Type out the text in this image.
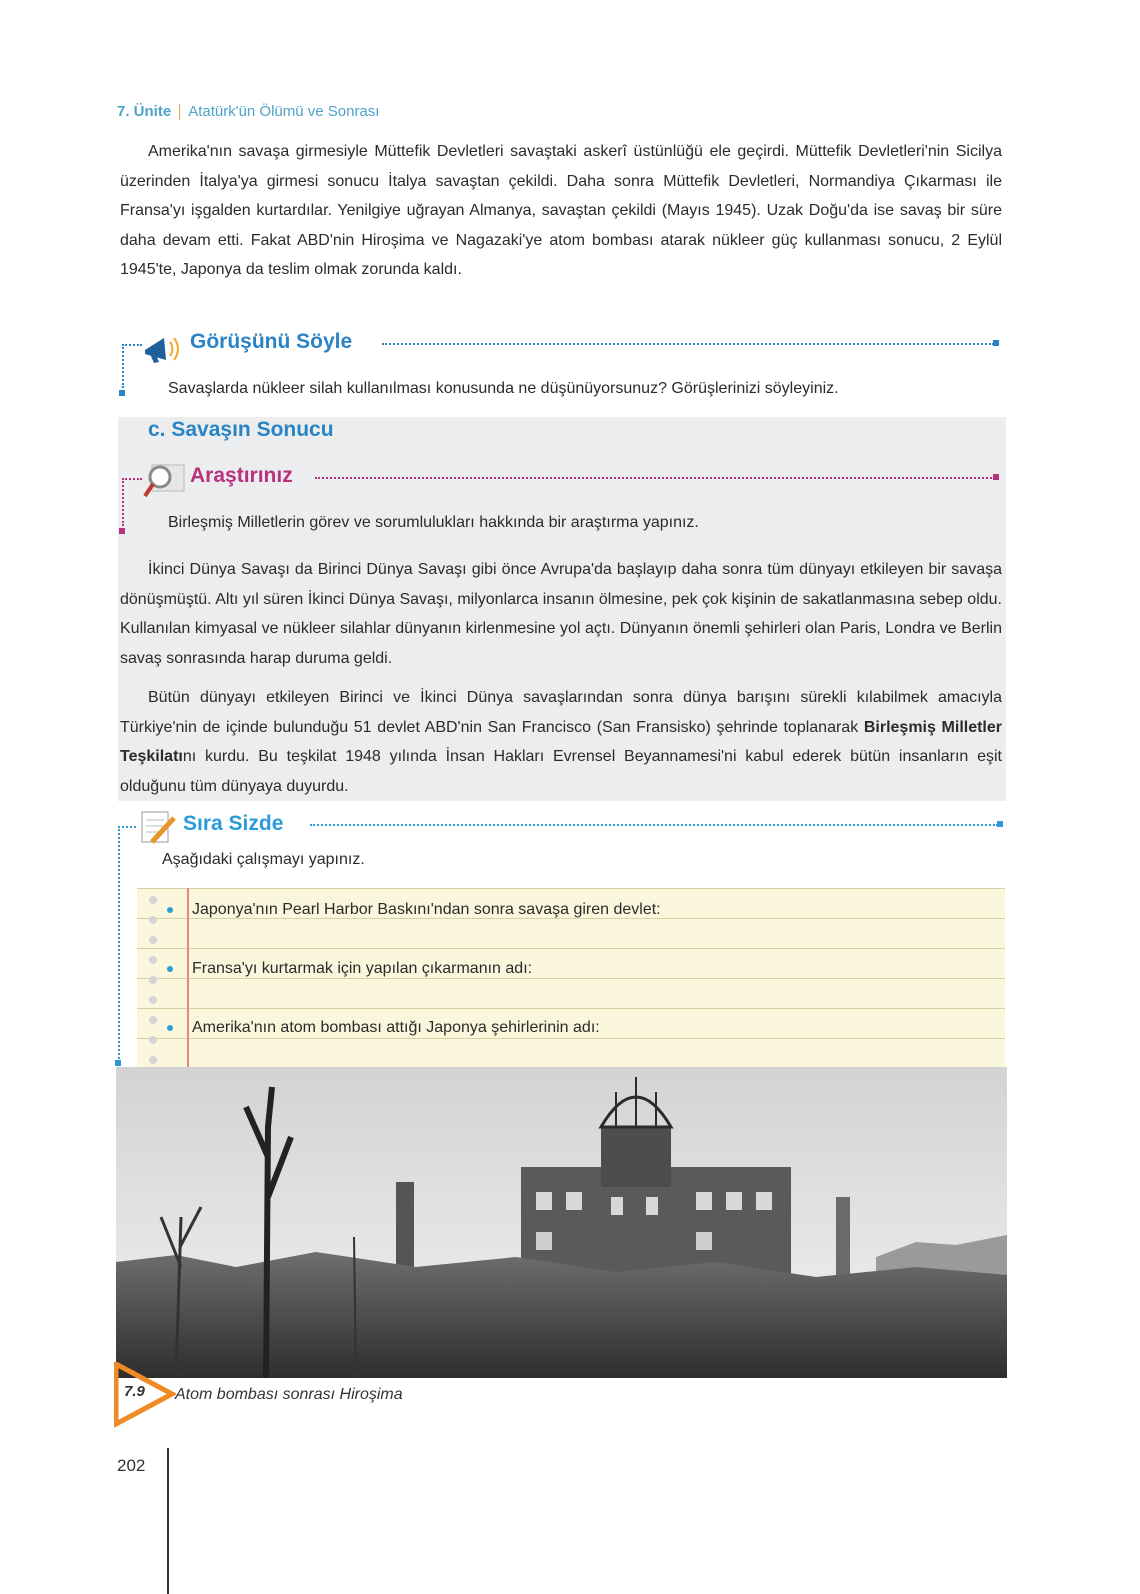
7. Ünite Atatürk'ün Ölümü ve Sonrası

Amerika'nın savaşa girmesiyle Müttefik Devletleri savaştaki askerî üstünlüğü ele geçirdi. Müttefik Devletleri'nin Sicilya üzerinden İtalya'ya girmesi sonucu İtalya savaştan çekildi. Daha sonra Müttefik Devletleri, Normandiya Çıkarması ile Fransa'yı işgalden kurtardılar. Yenilgiye uğrayan Almanya, savaştan çekildi (Mayıs 1945). Uzak Doğu'da ise savaş bir süre daha devam etti. Fakat ABD'nin Hiroşima ve Nagazaki'ye atom bombası atarak nükleer güç kullanması sonucu, 2 Eylül 1945'te, Japonya da teslim olmak zorunda kaldı.

Görüşünü Söyle
Savaşlarda nükleer silah kullanılması konusunda ne düşünüyorsunuz? Görüşlerinizi söyleyiniz.
c. Savaşın Sonucu
Araştırınız
Birleşmiş Milletlerin görev ve sorumlulukları hakkında bir araştırma yapınız.

İkinci Dünya Savaşı da Birinci Dünya Savaşı gibi önce Avrupa'da başlayıp daha sonra tüm dünyayı etkileyen bir savaşa dönüşmüştü. Altı yıl süren İkinci Dünya Savaşı, milyonlarca insanın ölmesine, pek çok kişinin de sakatlanmasına sebep oldu. Kullanılan kimyasal ve nükleer silahlar dünyanın kirlenmesine yol açtı. Dünyanın önemli şehirleri olan Paris, Londra ve Berlin savaş sonrasında harap duruma geldi.

Bütün dünyayı etkileyen Birinci ve İkinci Dünya savaşlarından sonra dünya barışını sürekli kılabilmek amacıyla Türkiye'nin de içinde bulunduğu 51 devlet ABD'nin San Francisco (San Fransisko) şehrinde toplanarak Birleşmiş Milletler Teşkilatını kurdu. Bu teşkilat 1948 yılında İnsan Hakları Evrensel Beyannamesi'ni kabul ederek bütün insanların eşit olduğunu tüm dünyaya duyurdu.

Sıra Sizde
Aşağıdaki çalışmayı yapınız.
Japonya'nın Pearl Harbor Baskını'ndan sonra savaşa giren devlet:
Fransa'yı kurtarmak için yapılan çıkarmanın adı:
Amerika'nın atom bombası attığı Japonya şehirlerinin adı:
7.9 Atom bombası sonrası Hiroşima
202
